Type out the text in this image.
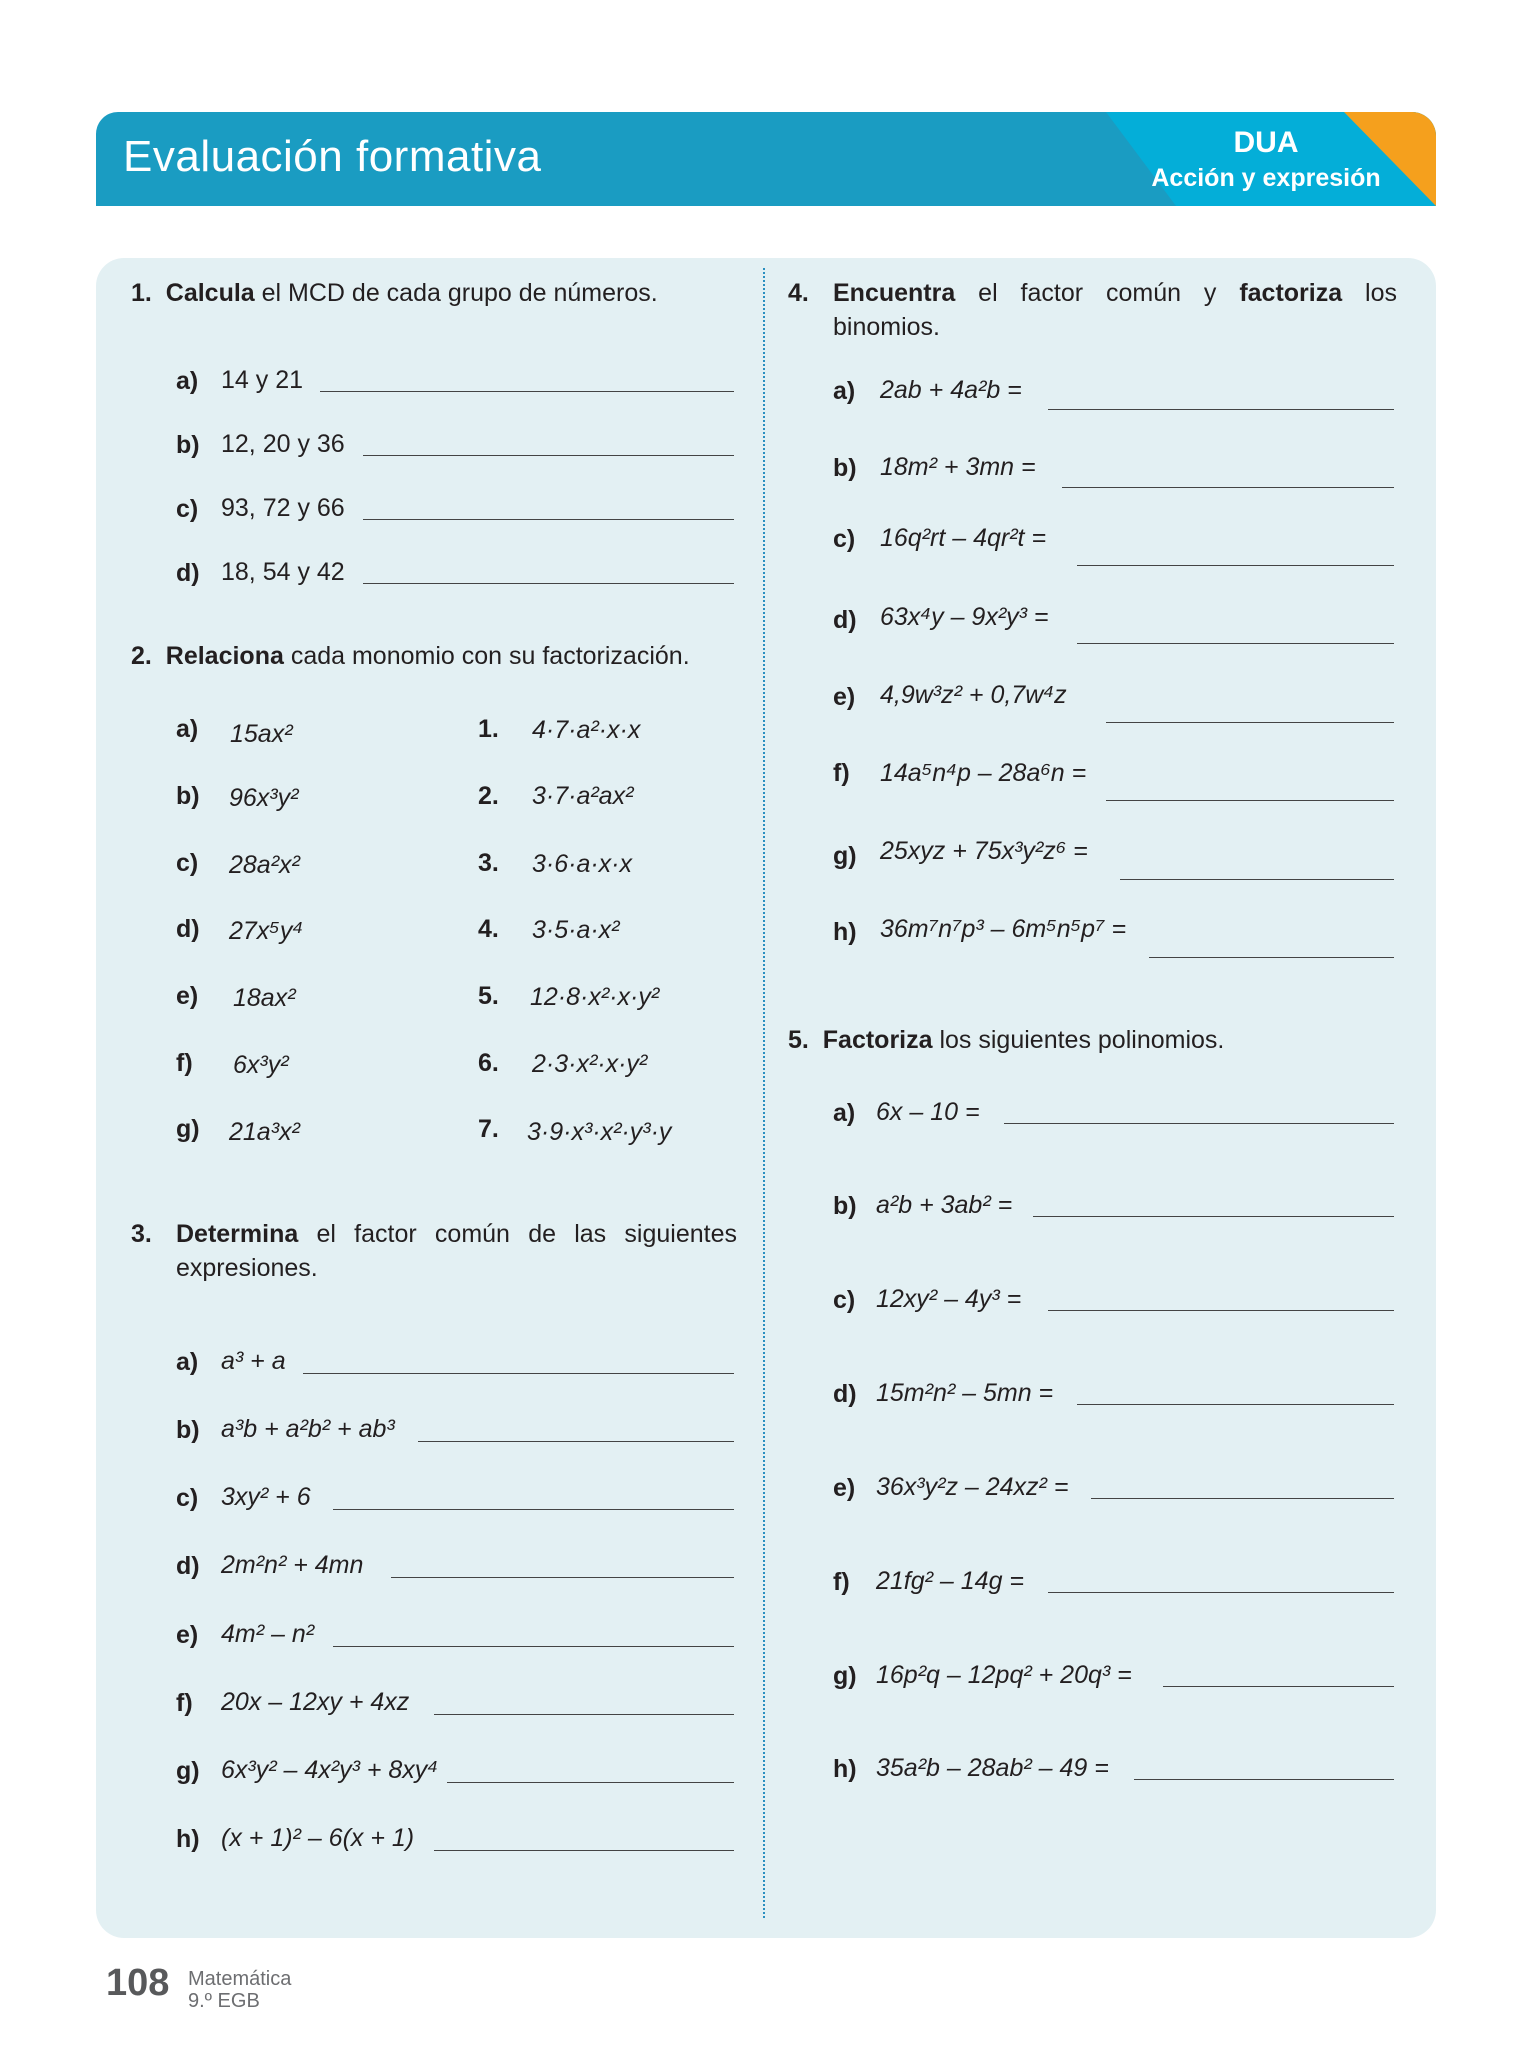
Evaluación formativa	DUA
Acción y expresión
1. Calcula el MCD de cada grupo de números.
a) 14 y 21
b) 12, 20 y 36
c) 93, 72 y 66
d) 18, 54 y 42
2. Relaciona cada monomio con su factorización.
a) 15ax²	1. 4·7·a²·x·x
b) 96x³y²	2. 3·7·a²ax²
c) 28a²x²	3. 3·6·a·x·x
d) 27x⁵y⁴	4. 3·5·a·x²
e) 18ax²	5. 12·8·x²·x·y²
f) 6x³y²	6. 2·3·x²·x·y²
g) 21a³x²	7. 3·9·x³·x²·y³·y
3. Determina el factor común de las siguientes
expresiones.
a) a³ + a
b) a³b + a²b² + ab³
c) 3xy² + 6
d) 2m²n² + 4mn
e) 4m² – n²
f) 20x – 12xy + 4xz
g) 6x³y² – 4x²y³ + 8xy⁴
h) (x + 1)² – 6(x + 1)
4. Encuentra el factor común y factoriza los
binomios.
a) 2ab + 4a²b =
b) 18m² + 3mn =
c) 16q²rt – 4qr²t =
d) 63x⁴y – 9x²y³ =
e) 4,9w³z² + 0,7w⁴z
f) 14a⁵n⁴p – 28a⁶n =
g) 25xyz + 75x³y²z⁶ =
h) 36m⁷n⁷p³ – 6m⁵n⁵p⁷ =
5. Factoriza los siguientes polinomios.
a) 6x – 10 =
b) a²b + 3ab² =
c) 12xy² – 4y³ =
d) 15m²n² – 5mn =
e) 36x³y²z – 24xz² =
f) 21fg² – 14g =
g) 16p²q – 12pq² + 20q³ =
h) 35a²b – 28ab² – 49 =
108 Matemática
9.º EGB
